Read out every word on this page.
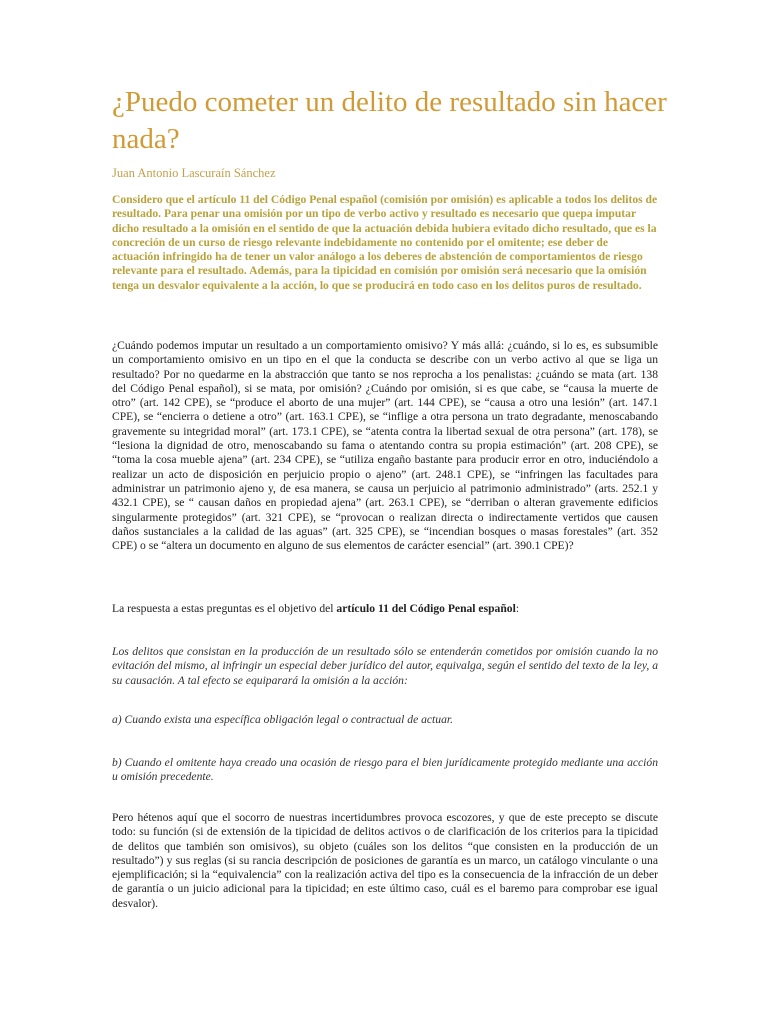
¿Puedo cometer un delito de resultado sin hacer nada?
Juan Antonio Lascuraín Sánchez

Considero que el artículo 11 del Código Penal español (comisión por omisión) es aplicable a todos los delitos de resultado. Para penar una omisión por un tipo de verbo activo y resultado es necesario que quepa imputar dicho resultado a la omisión en el sentido de que la actuación debida hubiera evitado dicho resultado, que es la concreción de un curso de riesgo relevante indebidamente no contenido por el omitente; ese deber de actuación infringido ha de tener un valor análogo a los deberes de abstención de comportamientos de riesgo relevante para el resultado. Además, para la tipicidad en comisión por omisión será necesario que la omisión tenga un desvalor equivalente a la acción, lo que se producirá en todo caso en los delitos puros de resultado.

¿Cuándo podemos imputar un resultado a un comportamiento omisivo? Y más allá: ¿cuándo, si lo es, es subsumible un comportamiento omisivo en un tipo en el que la conducta se describe con un verbo activo al que se liga un resultado? Por no quedarme en la abstracción que tanto se nos reprocha a los penalistas: ¿cuándo se mata (art. 138 del Código Penal español), si se mata, por omisión? ¿Cuándo por omisión, si es que cabe, se “causa la muerte de otro” (art. 142 CPE), se “produce el aborto de una mujer” (art. 144 CPE), se “causa a otro una lesión” (art. 147.1 CPE), se “encierra o detiene a otro” (art. 163.1 CPE), se “inflige a otra persona un trato degradante, menoscabando gravemente su integridad moral” (art. 173.1 CPE), se “atenta contra la libertad sexual de otra persona” (art. 178), se “lesiona la dignidad de otro, menoscabando su fama o atentando contra su propia estimación” (art. 208 CPE), se “toma la cosa mueble ajena” (art. 234 CPE), se “utiliza engaño bastante para producir error en otro, induciéndolo a realizar un acto de disposición en perjuicio propio o ajeno” (art. 248.1 CPE), se “infringen las facultades para administrar un patrimonio ajeno y, de esa manera, se causa un perjuicio al patrimonio administrado” (arts. 252.1 y 432.1 CPE), se “ causan daños en propiedad ajena” (art. 263.1 CPE), se “derriban o alteran gravemente edificios singularmente protegidos” (art. 321 CPE), se “provocan o realizan directa o indirectamente vertidos que causen daños sustanciales a la calidad de las aguas” (art. 325 CPE), se “incendian bosques o masas forestales” (art. 352 CPE) o se “altera un documento en alguno de sus elementos de carácter esencial” (art. 390.1 CPE)?

La respuesta a estas preguntas es el objetivo del artículo 11 del Código Penal español:

Los delitos que consistan en la producción de un resultado sólo se entenderán cometidos por omisión cuando la no evitación del mismo, al infringir un especial deber jurídico del autor, equivalga, según el sentido del texto de la ley, a su causación. A tal efecto se equiparará la omisión a la acción:

a) Cuando exista una específica obligación legal o contractual de actuar.

b) Cuando el omitente haya creado una ocasión de riesgo para el bien jurídicamente protegido mediante una acción u omisión precedente.

Pero hétenos aquí que el socorro de nuestras incertidumbres provoca escozores, y que de este precepto se discute todo: su función (si de extensión de la tipicidad de delitos activos o de clarificación de los criterios para la tipicidad de delitos que también son omisivos), su objeto (cuáles son los delitos “que consisten en la producción de un resultado”) y sus reglas (si su rancia descripción de posiciones de garantía es un marco, un catálogo vinculante o una ejemplificación; si la “equivalencia” con la realización activa del tipo es la consecuencia de la infracción de un deber de garantía o un juicio adicional para la tipicidad; en este último caso, cuál es el baremo para comprobar ese igual desvalor).
